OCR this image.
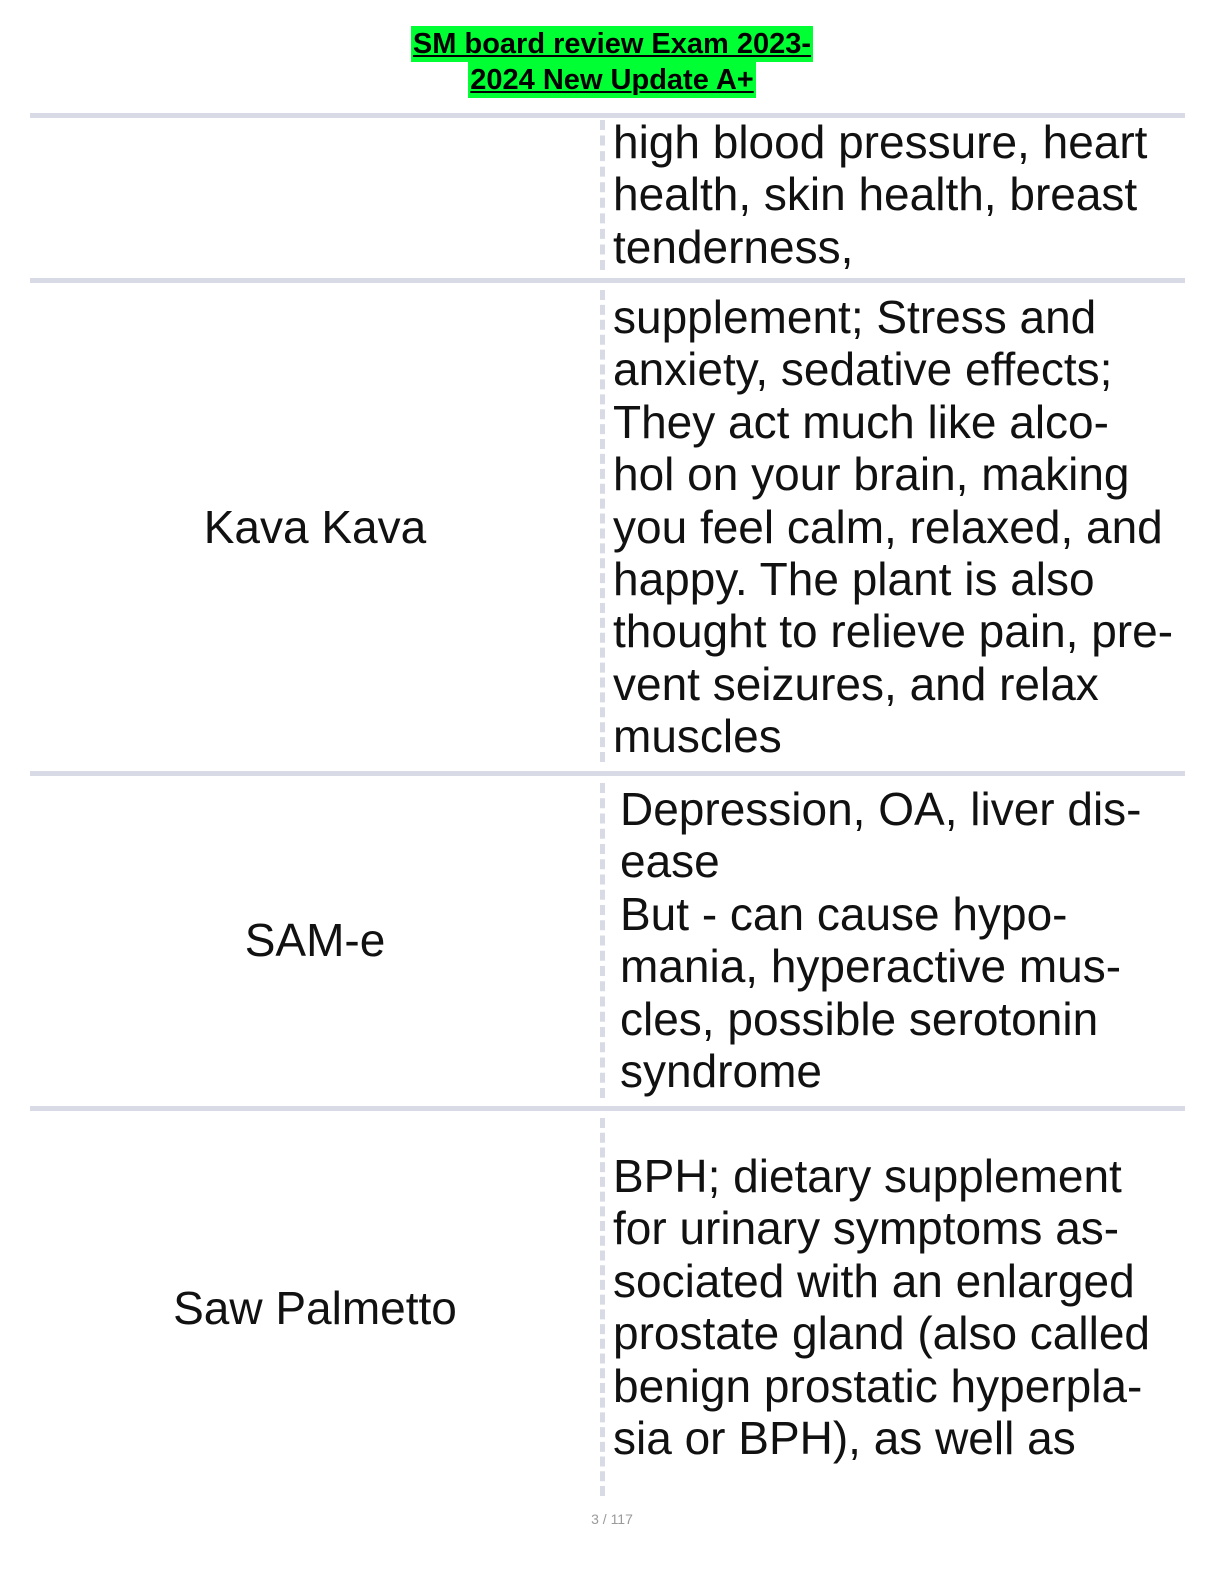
SM board review Exam 2023-
2024 New Update A+
high blood pressure, heart
health, skin health, breast
tenderness,
Kava Kava
supplement; Stress and
anxiety, sedative effects;
They act much like alco-
hol on your brain, making
you feel calm, relaxed, and
happy. The plant is also
thought to relieve pain, pre-
vent seizures, and relax
muscles
SAM-e
Depression, OA, liver dis-
ease
But - can cause hypo-
mania, hyperactive mus-
cles, possible serotonin
syndrome
Saw Palmetto
BPH; dietary supplement
for urinary symptoms as-
sociated with an enlarged
prostate gland (also called
benign prostatic hyperpla-
sia or BPH), as well as
3 / 117
